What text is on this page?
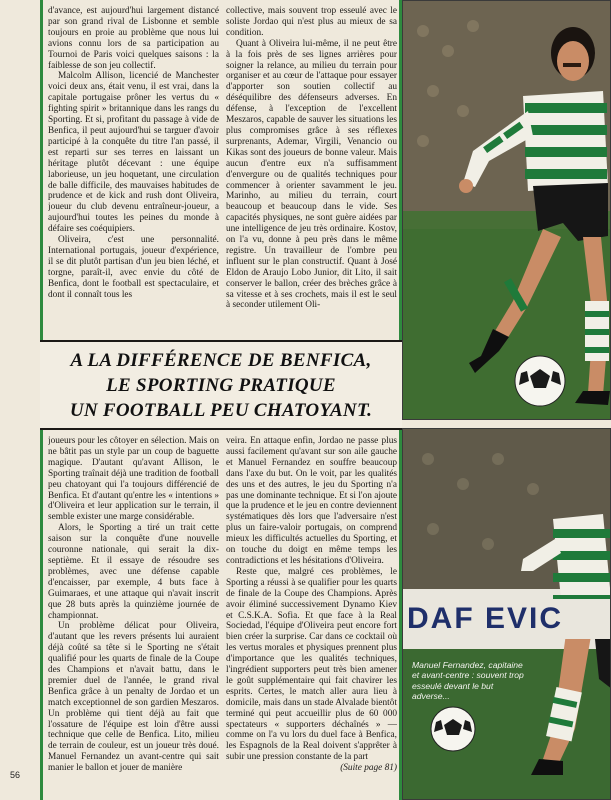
d'avance, est aujourd'hui largement distancé par son grand rival de Lisbonne et semble toujours en proie au problème que nous lui avions connu lors de sa participation au Tournoi de Paris voici quelques saisons : la faiblesse de son jeu collectif.

Malcolm Allison, licencié de Manchester voici deux ans, était venu, il est vrai, dans la capitale portugaise prôner les vertus du « fighting spirit » britannique dans les rangs du Sporting. Et si, profitant du passage à vide de Benfica, il peut aujourd'hui se targuer d'avoir participé à la conquête du titre l'an passé, il est reparti sur ses terres en laissant un héritage plutôt décevant : une équipe laborieuse, un jeu hoquetant, une circulation de balle difficile, des mauvaises habitudes de prudence et de kick and rush dont Oliveira, joueur du club devenu entraîneur-joueur, a aujourd'hui toutes les peines du monde à défaire ses coéquipiers.

Oliveira, c'est une personnalité. International portugais, joueur d'expérience, il se dit plutôt partisan d'un jeu bien léché, et torgne, paraît-il, avec envie du côté de Benfica, dont le football est spectaculaire, et dont il connaît tous les

collective, mais souvent trop esseulé avec le soliste Jordao qui n'est plus au mieux de sa condition.

Quant à Oliveira lui-même, il ne peut être à la fois près de ses lignes arrières pour soigner la relance, au milieu du terrain pour organiser et au cœur de l'attaque pour essayer d'apporter son soutien collectif au déséquilibre des défenseurs adverses. En défense, à l'exception de l'excellent Meszaros, capable de sauver les situations les plus compromises grâce à ses réflexes surprenants, Ademar, Virgili, Venancio ou Kikas sont des joueurs de bonne valeur. Mais aucun d'entre eux n'a suffisamment d'envergure ou de qualités techniques pour commencer à orienter savamment le jeu. Marinho, au milieu du terrain, court beaucoup et beaucoup dans le vide. Ses capacités physiques, ne sont guère aidées par une intelligence de jeu très ordinaire. Kostov, on l'a vu, donne à peu près dans le même registre. Un travailleur de l'ombre peu influent sur le plan constructif. Quant à José Eldon de Araujo Lobo Junior, dit Lito, il sait conserver le ballon, créer des brèches grâce à sa vitesse et à ses crochets, mais il est le seul à seconder utilement Oli-

A LA DIFFÉRENCE DE BENFICA,
LE SPORTING PRATIQUE
UN FOOTBALL PEU CHATOYANT.

joueurs pour les côtoyer en sélection. Mais on ne bâtit pas un style par un coup de baguette magique. D'autant qu'avant Allison, le Sporting traînait déjà une tradition de football peu chatoyant qui l'a toujours différencié de Benfica. Et d'autant qu'entre les « intentions » d'Oliveira et leur application sur le terrain, il semble exister une marge considérable.

Alors, le Sporting a tiré un trait cette saison sur la conquête d'une nouvelle couronne nationale, qui serait la dix-septième. Et il essaye de résoudre ses problèmes, avec une défense capable d'encaisser, par exemple, 4 buts face à Guimaraes, et une attaque qui n'avait inscrit que 28 buts après la quinzième journée de championnat.

Un problème délicat pour Oliveira, d'autant que les revers présents lui auraient déjà coûté sa tête si le Sporting ne s'était qualifié pour les quarts de finale de la Coupe des Champions et n'avait battu, dans le premier duel de l'année, le grand rival Benfica grâce à un penalty de Jordao et un match exceptionnel de son gardien Meszaros. Un problème qui tient déjà au fait que l'ossature de l'équipe est loin d'être aussi technique que celle de Benfica. Lito, milieu de terrain de couleur, est un joueur très doué. Manuel Fernandez un avant-centre qui sait manier le ballon et jouer de manière

veira. En attaque enfin, Jordao ne passe plus aussi facilement qu'avant sur son aile gauche et Manuel Fernandez en souffre beaucoup dans l'axe du but. On le voit, par les qualités des uns et des autres, le jeu du Sporting n'a pas une dominante technique. Et si l'on ajoute que la prudence et le jeu en contre deviennent systématiques dès lors que l'adversaire n'est plus un faire-valoir portugais, on comprend mieux les difficultés actuelles du Sporting, et on touche du doigt en même temps les contradictions et les hésitations d'Oliveira.

Reste que, malgré ces problèmes, le Sporting a réussi à se qualifier pour les quarts de finale de la Coupe des Champions. Après avoir éliminé successivement Dynamo Kiev et C.S.K.A. Sofia. Et que face à la Real Sociedad, l'équipe d'Oliveira peut encore fort bien créer la surprise. Car dans ce cocktail où les vertus morales et physiques prennent plus d'importance que les qualités techniques, l'ingrédient supporters peut très bien amener le goût supplémentaire qui fait chavirer les esprits. Certes, le match aller aura lieu à domicile, mais dans un stade Alvalade bientôt terminé qui peut accueillir plus de 60 000 spectateurs « supporters déchaînés » — comme on l'a vu lors du duel face à Benfica, les Espagnols de la Real doivent s'apprêter à subir une pression constante de la part

(Suite page 81)

DAF EVIC
Manuel Fernandez, capitaine et avant-centre : souvent trop esseulé devant le but adverse...
56
